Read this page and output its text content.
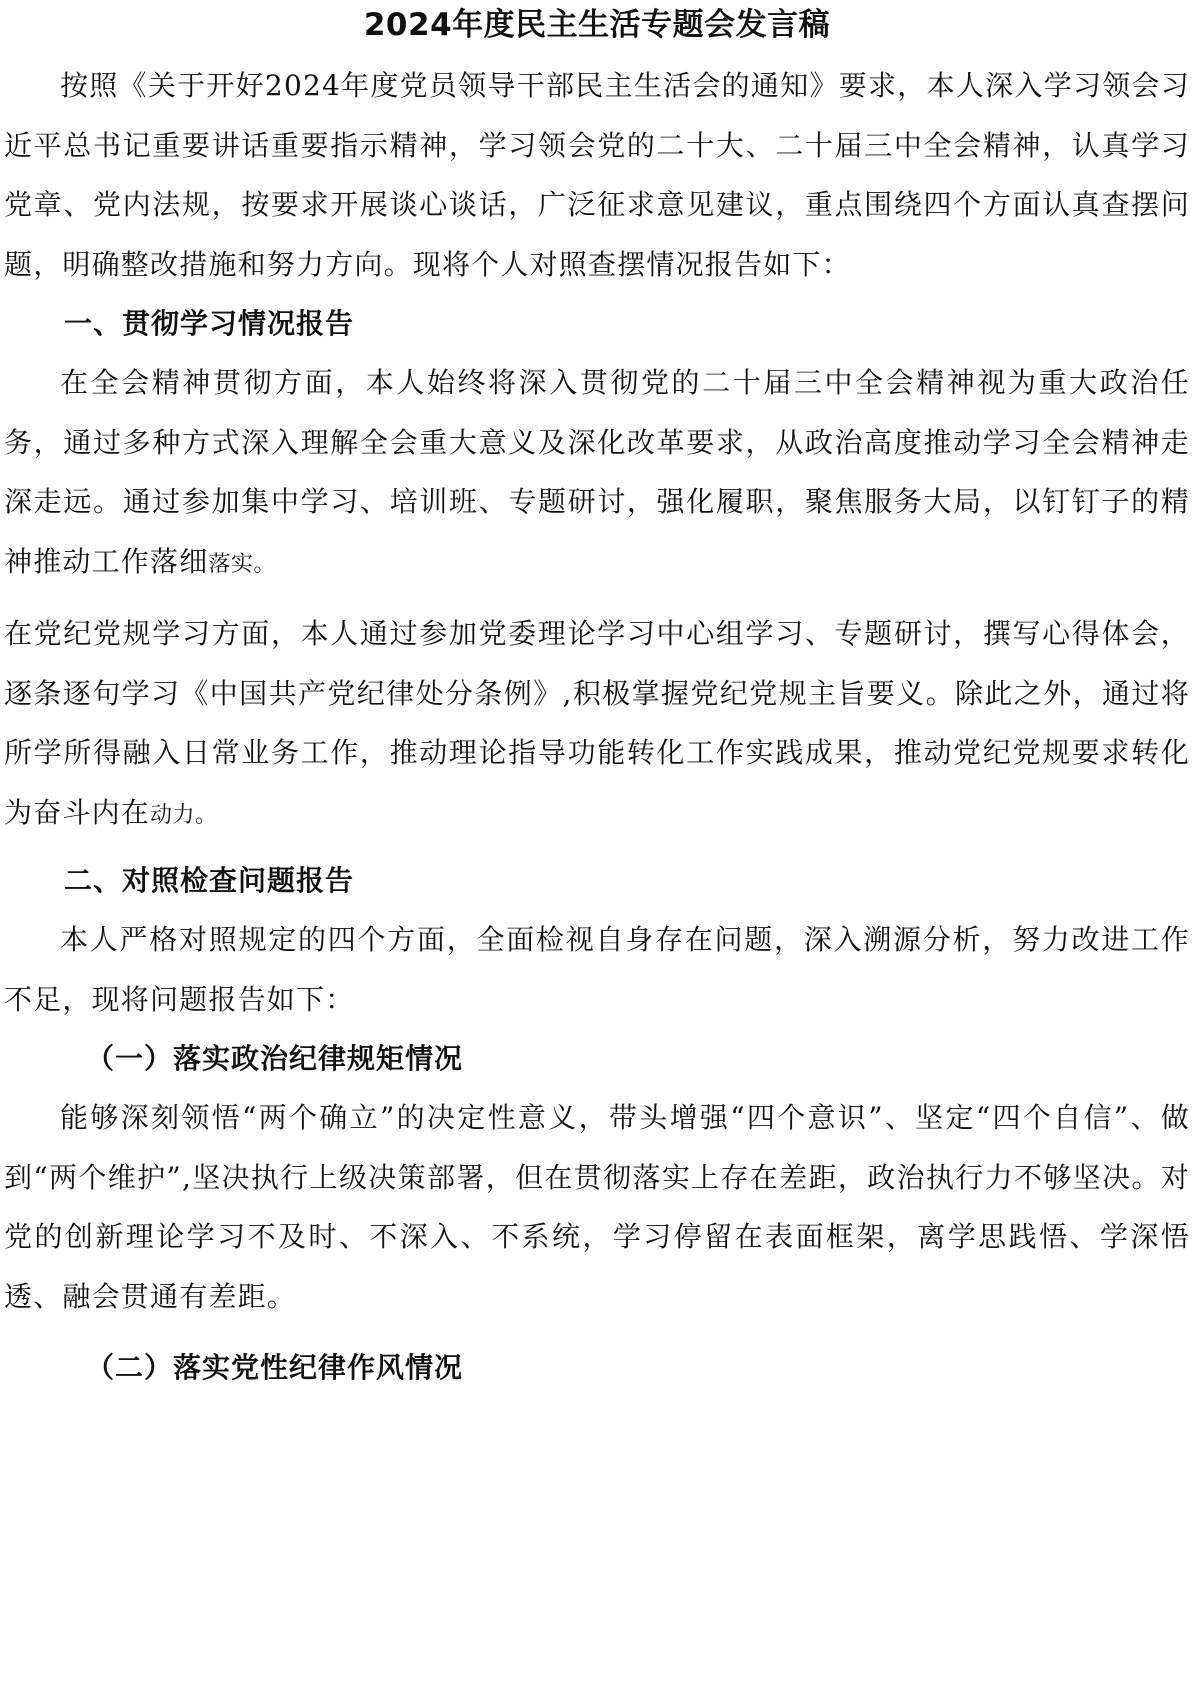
2024年度民主生活专题会发言稿

按照《关于开好2024年度党员领导干部民主生活会的通知》要求，本人深入学习领会习近平总书记重要讲话重要指示精神，学习领会党的二十大、二十届三中全会精神，认真学习党章、党内法规，按要求开展谈心谈话，广泛征求意见建议，重点围绕四个方面认真查摆问题，明确整改措施和努力方向。现将个人对照查摆情况报告如下：

一、贯彻学习情况报告

在全会精神贯彻方面，本人始终将深入贯彻党的二十届三中全会精神视为重大政治任务，通过多种方式深入理解全会重大意义及深化改革要求，从政治高度推动学习全会精神走深走远。通过参加集中学习、培训班、专题研讨，强化履职，聚焦服务大局，以钉钉子的精神推动工作落细落实。

在党纪党规学习方面，本人通过参加党委理论学习中心组学习、专题研讨，撰写心得体会，逐条逐句学习《中国共产党纪律处分条例》,积极掌握党纪党规主旨要义。除此之外，通过将所学所得融入日常业务工作，推动理论指导功能转化工作实践成果，推动党纪党规要求转化为奋斗内在动力。

二、对照检查问题报告

本人严格对照规定的四个方面，全面检视自身存在问题，深入溯源分析，努力改进工作不足，现将问题报告如下：

（一）落实政治纪律规矩情况

能够深刻领悟“两个确立”的决定性意义，带头增强“四个意识”、坚定“四个自信”、做到“两个维护”,坚决执行上级决策部署，但在贯彻落实上存在差距，政治执行力不够坚决。对党的创新理论学习不及时、不深入、不系统，学习停留在表面框架，离学思践悟、学深悟透、融会贯通有差距。

（二）落实党性纪律作风情况
